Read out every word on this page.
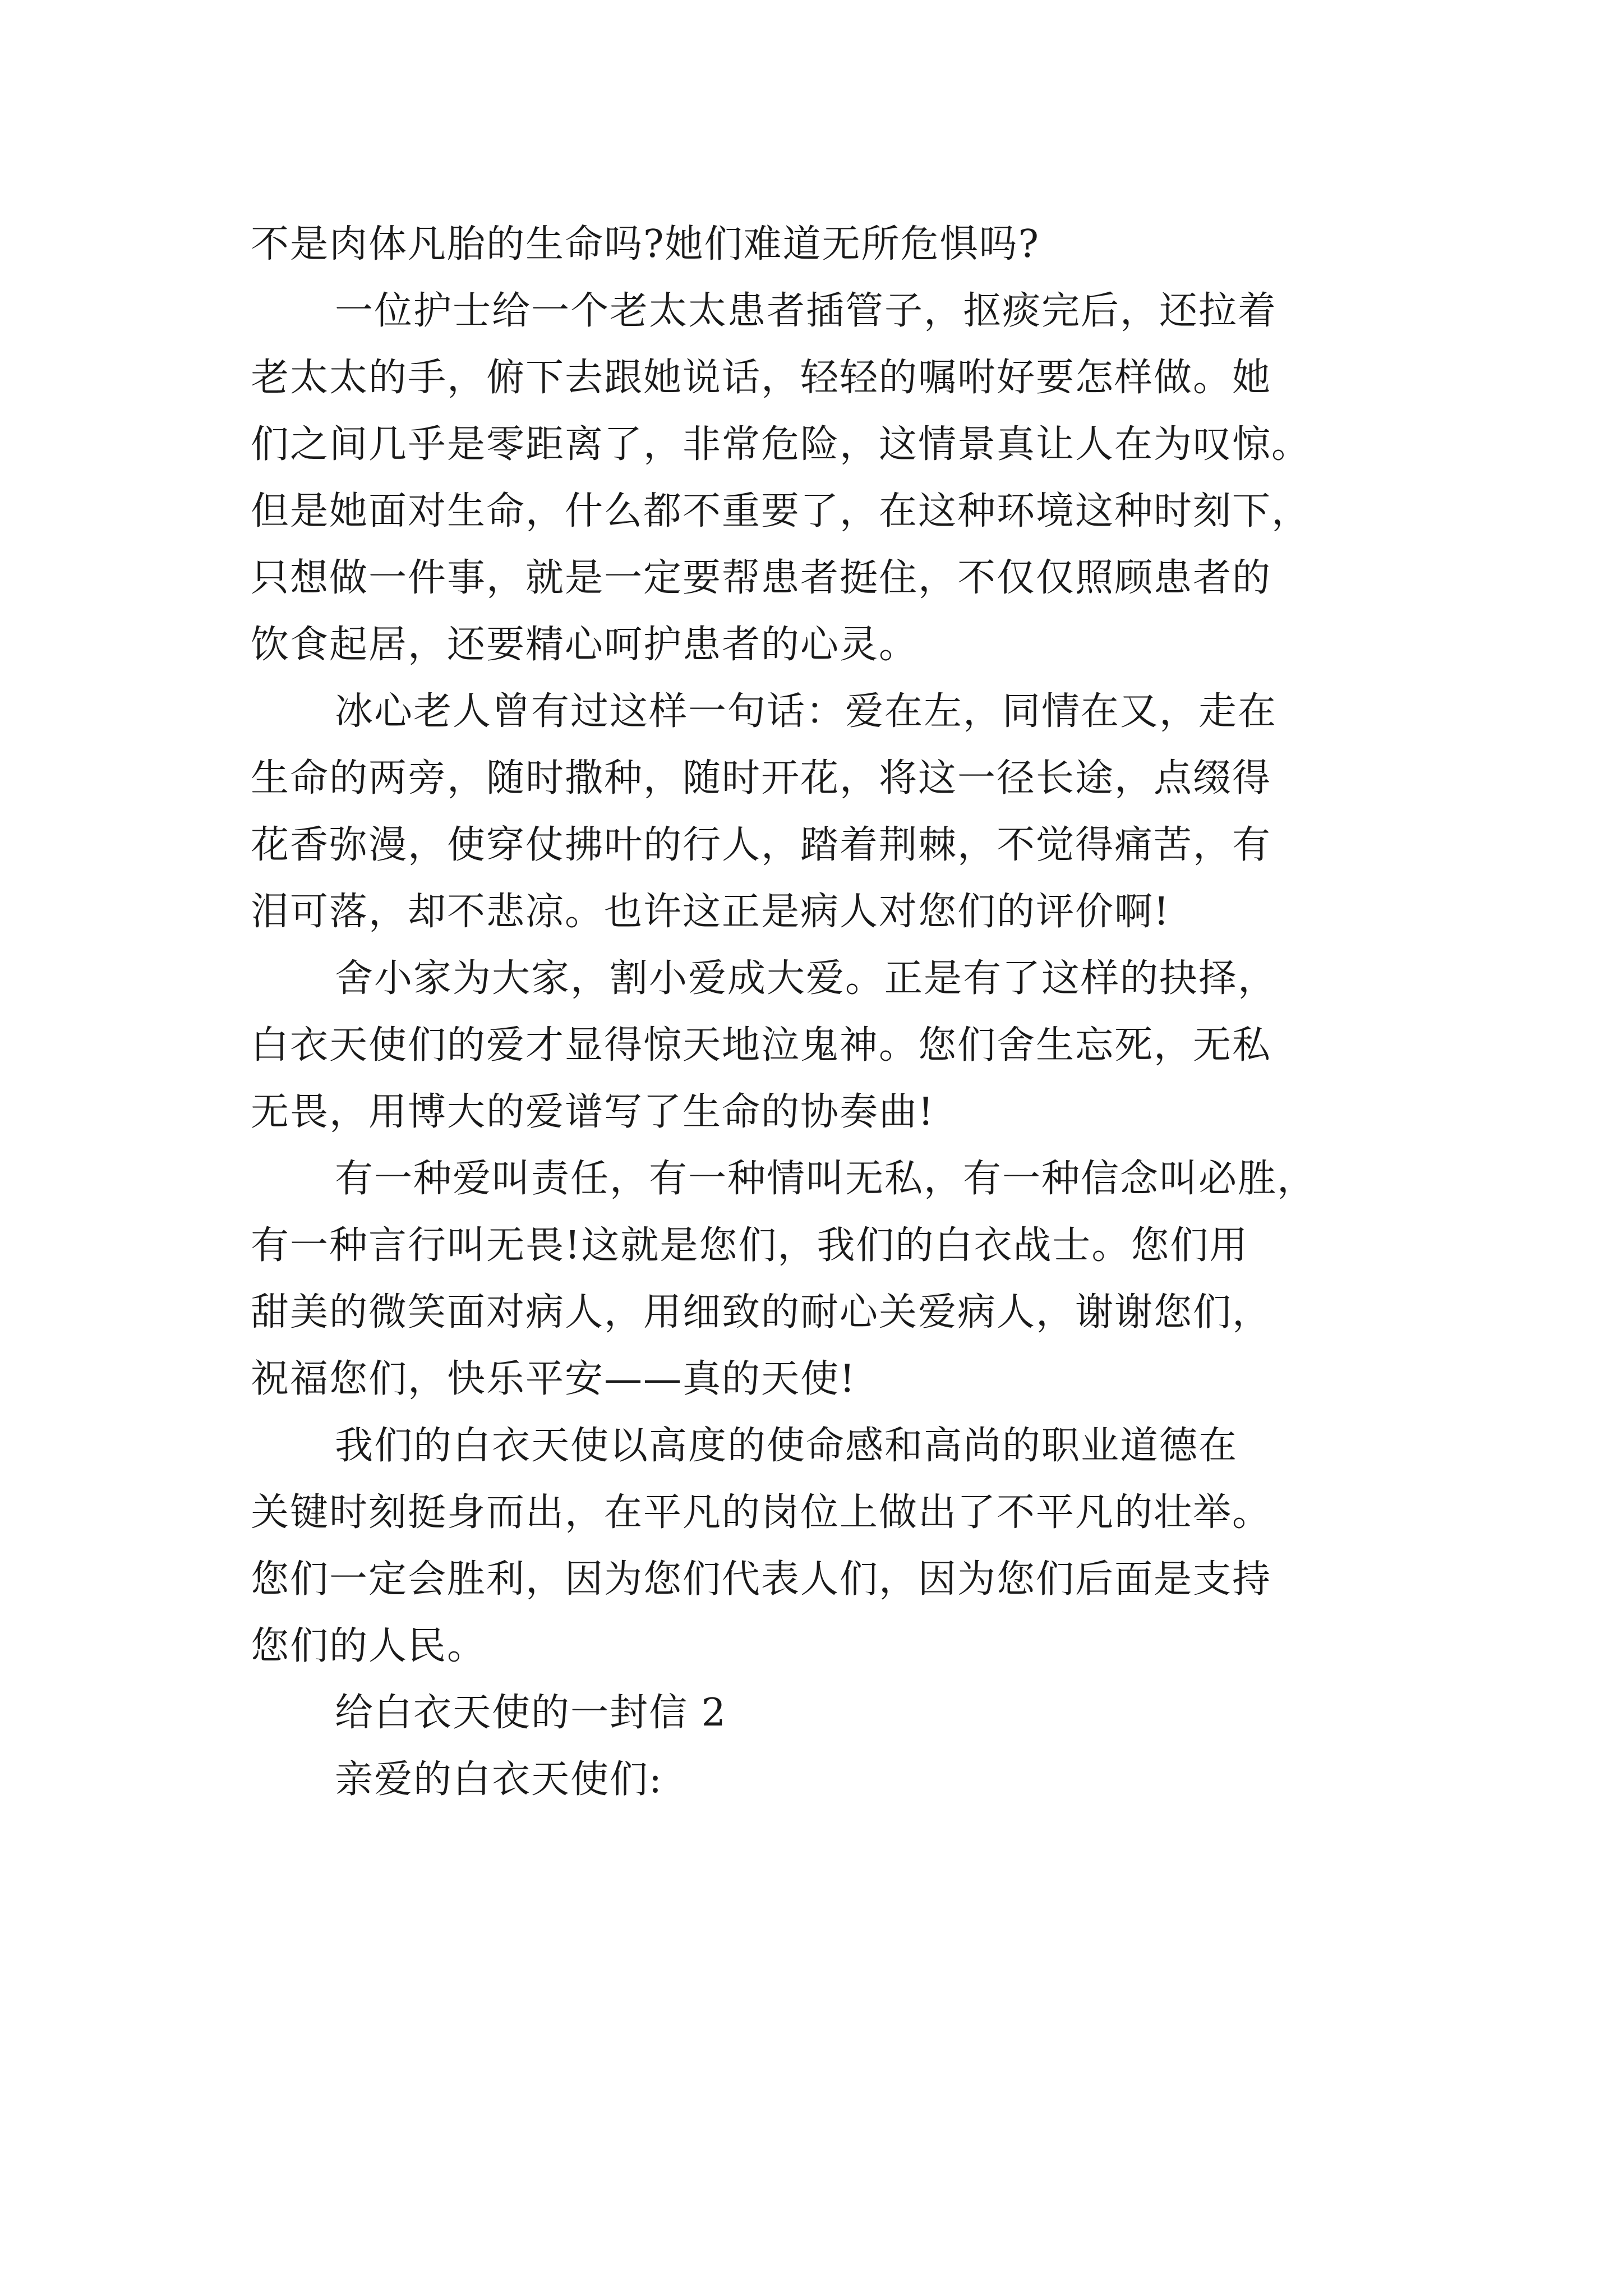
不是肉体凡胎的生命吗?她们难道无所危惧吗?
一位护士给一个老太太患者插管子，抠痰完后，还拉着
老太太的手，俯下去跟她说话，轻轻的嘱咐好要怎样做。她
们之间几乎是零距离了，非常危险，这情景真让人在为叹惊。
但是她面对生命，什么都不重要了，在这种环境这种时刻下，
只想做一件事，就是一定要帮患者挺住，不仅仅照顾患者的
饮食起居，还要精心呵护患者的心灵。
冰心老人曾有过这样一句话：爱在左，同情在又，走在
生命的两旁，随时撒种，随时开花，将这一径长途，点缀得
花香弥漫，使穿仗拂叶的行人，踏着荆棘，不觉得痛苦，有
泪可落，却不悲凉。也许这正是病人对您们的评价啊!
舍小家为大家，割小爱成大爱。正是有了这样的抉择，
白衣天使们的爱才显得惊天地泣鬼神。您们舍生忘死，无私
无畏，用博大的爱谱写了生命的协奏曲!
有一种爱叫责任，有一种情叫无私，有一种信念叫必胜，
有一种言行叫无畏!这就是您们，我们的白衣战士。您们用
甜美的微笑面对病人，用细致的耐心关爱病人，谢谢您们，
祝福您们，快乐平安——真的天使!
我们的白衣天使以高度的使命感和高尚的职业道德在
关键时刻挺身而出，在平凡的岗位上做出了不平凡的壮举。
您们一定会胜利，因为您们代表人们，因为您们后面是支持
您们的人民。
给白衣天使的一封信 2
亲爱的白衣天使们:
